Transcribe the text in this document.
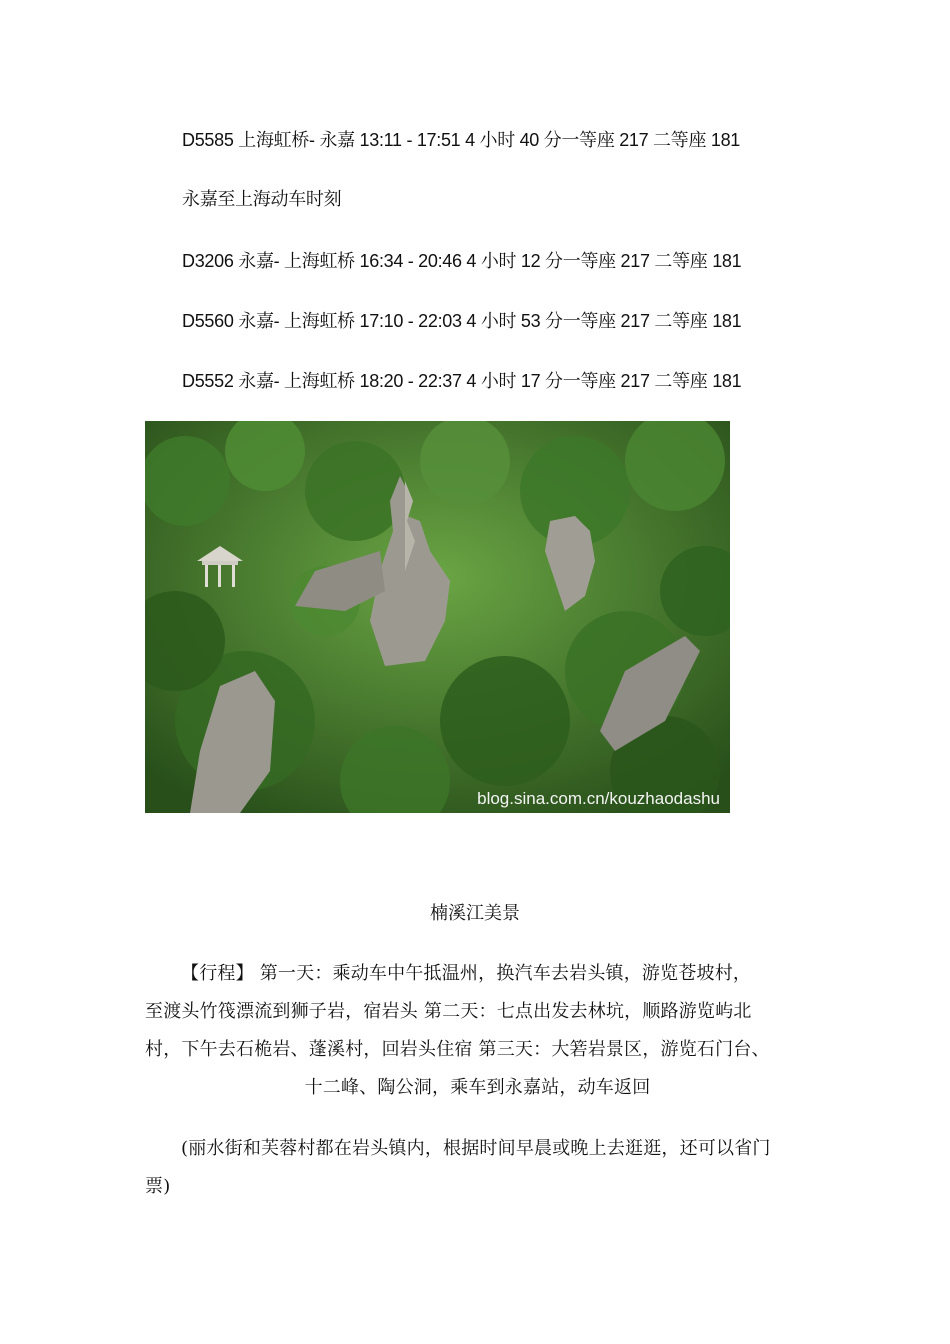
D5585 上海虹桥- 永嘉 13:11 - 17:51 4 小时 40 分一等座 217 二等座 181
永嘉至上海动车时刻
D3206 永嘉- 上海虹桥 16:34 - 20:46 4 小时 12 分一等座 217 二等座 181
D5560 永嘉- 上海虹桥 17:10 - 22:03 4 小时 53 分一等座 217 二等座 181
D5552 永嘉- 上海虹桥 18:20 - 22:37 4 小时 17 分一等座 217 二等座 181
blog.sina.com.cn/kouzhaodashu
楠溪江美景
【行程】 第一天：乘动车中午抵温州，换汽车去岩头镇，游览苍坡村，
至渡头竹筏漂流到狮子岩，宿岩头 第二天：七点出发去林坑，顺路游览屿北
村，下午去石桅岩、蓬溪村，回岩头住宿 第三天：大箬岩景区，游览石门台、
十二峰、陶公洞，乘车到永嘉站，动车返回
(丽水街和芙蓉村都在岩头镇内，根据时间早晨或晚上去逛逛，还可以省门
票)
